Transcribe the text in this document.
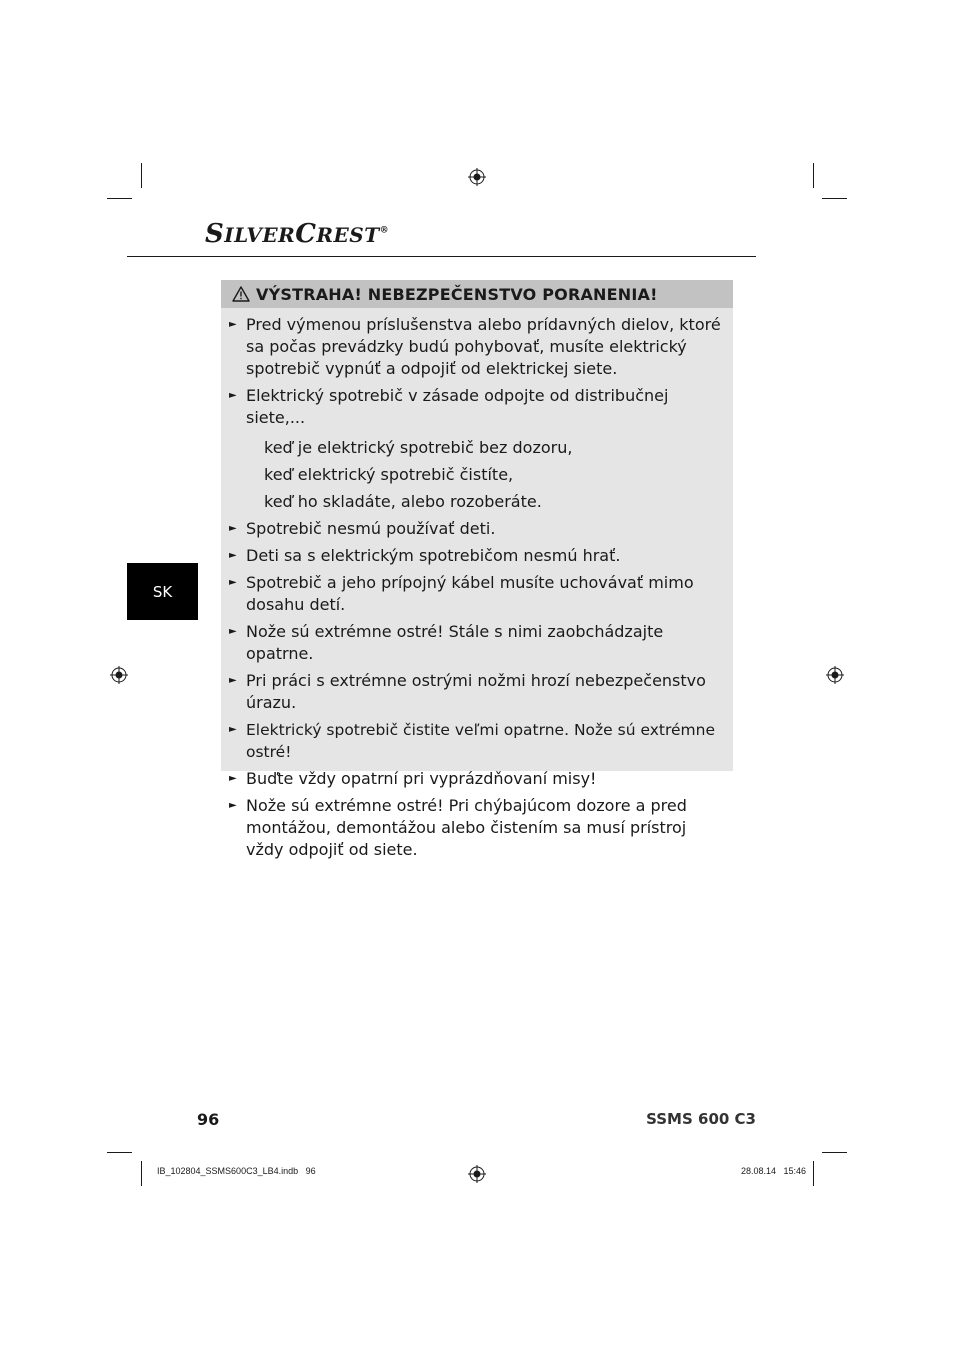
SILVERCREST®
SK
VÝSTRAHA! NEBEZPEČENSTVO PORANENIA!
► Pred výmenou príslušenstva alebo prídavných dielov, ktoré sa počas prevádzky budú pohybovať, musíte elektrický spotrebič vypnúť a odpojiť od elektrickej siete.
► Elektrický spotrebič v zásade odpojte od distribučnej siete,...
keď je elektrický spotrebič bez dozoru,
keď elektrický spotrebič čistíte,
keď ho skladáte, alebo rozoberáte.
► Spotrebič nesmú používať deti.
► Deti sa s elektrickým spotrebičom nesmú hrať.
► Spotrebič a jeho prípojný kábel musíte uchovávať mimo dosahu detí.
► Nože sú extrémne ostré! Stále s nimi zaobchádzajte opatrne.
► Pri práci s extrémne ostrými nožmi hrozí nebezpečenstvo úrazu.
► Elektrický spotrebič čistite veľmi opatrne. Nože sú extrémne ostré!
► Buďte vždy opatrní pri vyprázdňovaní misy!
► Nože sú extrémne ostré! Pri chýbajúcom dozore a pred montážou, demontážou alebo čistením sa musí prístroj vždy odpojiť od siete.
96	SSMS 600 C3
IB_102804_SSMS600C3_LB4.indb   96	28.08.14   15:46
